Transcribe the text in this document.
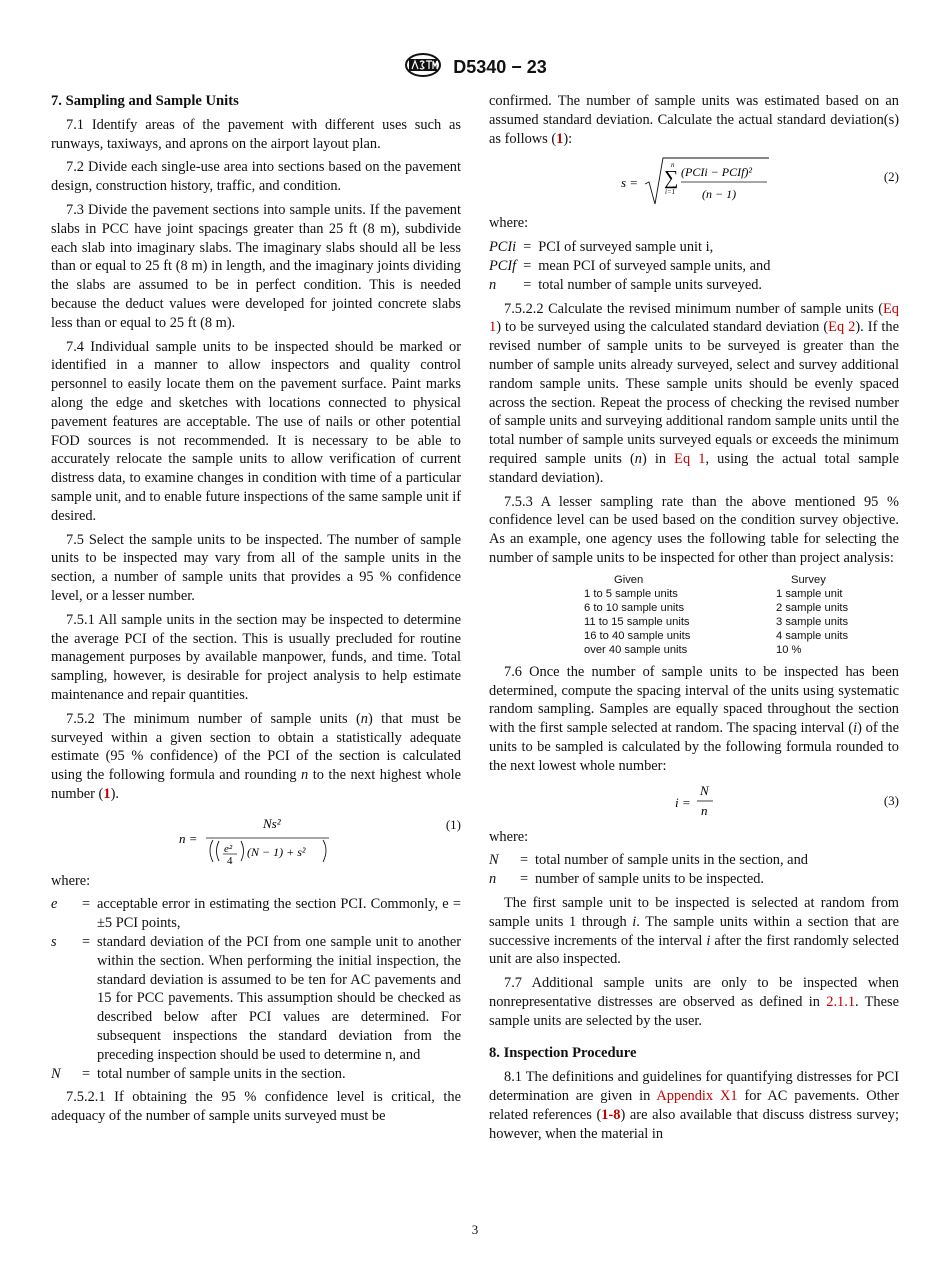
D5340 − 23
7. Sampling and Sample Units

7.1 Identify areas of the pavement with different uses such as runways, taxiways, and aprons on the airport layout plan.

7.2 Divide each single-use area into sections based on the pavement design, construction history, traffic, and condition.

7.3 Divide the pavement sections into sample units. If the pavement slabs in PCC have joint spacings greater than 25 ft (8 m), subdivide each slab into imaginary slabs. The imaginary slabs should all be less than or equal to 25 ft (8 m) in length, and the imaginary joints dividing the slabs are assumed to be in perfect condition. This is needed because the deduct values were developed for jointed concrete slabs less than or equal to 25 ft (8 m).

7.4 Individual sample units to be inspected should be marked or identified in a manner to allow inspectors and quality control personnel to easily locate them on the pavement surface. Paint marks along the edge and sketches with locations connected to physical pavement features are acceptable. The use of nails or other potential FOD sources is not recommended. It is necessary to be able to accurately relocate the sample units to allow verification of current distress data, to examine changes in condition with time of a particular sample unit, and to enable future inspections of the same sample unit if desired.

7.5 Select the sample units to be inspected. The number of sample units to be inspected may vary from all of the sample units in the section, a number of sample units that provides a 95 % confidence level, or a lesser number.

7.5.1 All sample units in the section may be inspected to determine the average PCI of the section. This is usually precluded for routine management purposes by available manpower, funds, and time. Total sampling, however, is desirable for project analysis to help estimate maintenance and repair quantities.

7.5.2 The minimum number of sample units (n) that must be surveyed within a given section to obtain a statistically adequate estimate (95 % confidence) of the PCI of the section is calculated using the following formula and rounding n to the next highest whole number (1).

n =
Ns²
e²
4
(N − 1) + s²
(1)

where:

e	=	acceptable error in estimating the section PCI. Commonly, e = ±5 PCI points,
s	=	standard deviation of the PCI from one sample unit to another within the section. When performing the initial inspection, the standard deviation is assumed to be ten for AC pavements and 15 for PCC pavements. This assumption should be checked as described below after PCI values are determined. For subsequent inspections the standard deviation from the preceding inspection should be used to determine n, and
N	=	total number of sample units in the section.

7.5.2.1 If obtaining the 95 % confidence level is critical, the adequacy of the number of sample units surveyed must be

confirmed. The number of sample units was estimated based on an assumed standard deviation. Calculate the actual standard deviation(s) as follows (1):

s =
n
∑
i=1
(PCIi − PCIf)²
(n − 1)
(2)

where:

PCIi	=	PCI of surveyed sample unit i,
PCIf	=	mean PCI of surveyed sample units, and
n	=	total number of sample units surveyed.

7.5.2.2 Calculate the revised minimum number of sample units (Eq 1) to be surveyed using the calculated standard deviation (Eq 2). If the revised number of sample units to be surveyed is greater than the number of sample units already surveyed, select and survey additional random sample units. These sample units should be evenly spaced across the section. Repeat the process of checking the revised number of sample units and surveying additional random sample units until the total number of sample units surveyed equals or exceeds the minimum required sample units (n) in Eq 1, using the actual total sample standard deviation).

7.5.3 A lesser sampling rate than the above mentioned 95 % confidence level can be used based on the condition survey objective. As an example, one agency uses the following table for selecting the number of sample units to be inspected for other than project analysis:

Given	Survey
1 to 5 sample units	1 sample unit
6 to 10 sample units	2 sample units
11 to 15 sample units	3 sample units
16 to 40 sample units	4 sample units
over 40 sample units	10 %

7.6 Once the number of sample units to be inspected has been determined, compute the spacing interval of the units using systematic random sampling. Samples are equally spaced throughout the section with the first sample selected at random. The spacing interval (i) of the units to be sampled is calculated by the following formula rounded to the next lowest whole number:

i =
N
n
(3)

where:

N	=	total number of sample units in the section, and
n	=	number of sample units to be inspected.

The first sample unit to be inspected is selected at random from sample units 1 through i. The sample units within a section that are successive increments of the interval i after the first randomly selected unit are also inspected.

7.7 Additional sample units are only to be inspected when nonrepresentative distresses are observed as defined in 2.1.1. These sample units are selected by the user.

8. Inspection Procedure

8.1 The definitions and guidelines for quantifying distresses for PCI determination are given in Appendix X1 for AC pavements. Other related references (1-8) are also available that discuss distress survey; however, when the material in

3
